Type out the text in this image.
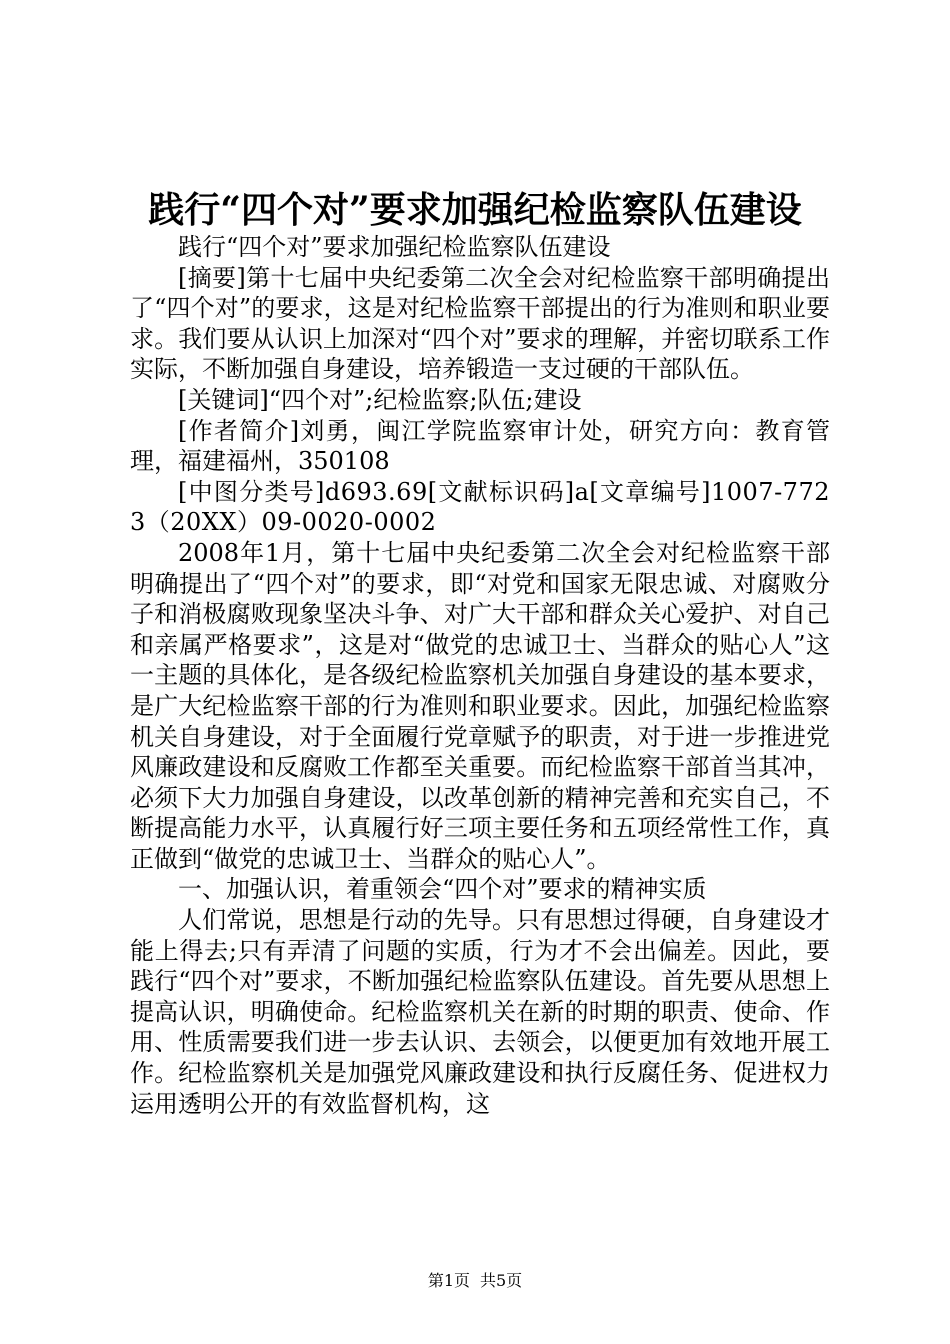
践行“四个对”要求加强纪检监察队伍建设

践行“四个对”要求加强纪检监察队伍建设

[摘要]第十七届中央纪委第二次全会对纪检监察干部明确提出了“四个对”的要求，这是对纪检监察干部提出的行为准则和职业要求。我们要从认识上加深对“四个对”要求的理解，并密切联系工作实际，不断加强自身建设，培养锻造一支过硬的干部队伍。

[关键词]“四个对”;纪检监察;队伍;建设

[作者简介]刘勇，闽江学院监察审计处，研究方向：教育管理，福建福州，350108

[中图分类号]d693.69[文献标识码]a[文章编号]1007-7723（20XX）09-0020-0002

2008年1月，第十七届中央纪委第二次全会对纪检监察干部明确提出了“四个对”的要求，即“对党和国家无限忠诚、对腐败分子和消极腐败现象坚决斗争、对广大干部和群众关心爱护、对自己和亲属严格要求”，这是对“做党的忠诚卫士、当群众的贴心人”这一主题的具体化，是各级纪检监察机关加强自身建设的基本要求，是广大纪检监察干部的行为准则和职业要求。因此，加强纪检监察机关自身建设，对于全面履行党章赋予的职责，对于进一步推进党风廉政建设和反腐败工作都至关重要。而纪检监察干部首当其冲，必须下大力加强自身建设，以改革创新的精神完善和充实自己，不断提高能力水平，认真履行好三项主要任务和五项经常性工作，真正做到“做党的忠诚卫士、当群众的贴心人”。

一、加强认识，着重领会“四个对”要求的精神实质

人们常说，思想是行动的先导。只有思想过得硬，自身建设才能上得去;只有弄清了问题的实质，行为才不会出偏差。因此，要践行“四个对”要求，不断加强纪检监察队伍建设。首先要从思想上提高认识，明确使命。纪检监察机关在新的时期的职责、使命、作用、性质需要我们进一步去认识、去领会，以便更加有效地开展工作。纪检监察机关是加强党风廉政建设和执行反腐任务、促进权力运用透明公开的有效监督机构，这

第1页 共5页
